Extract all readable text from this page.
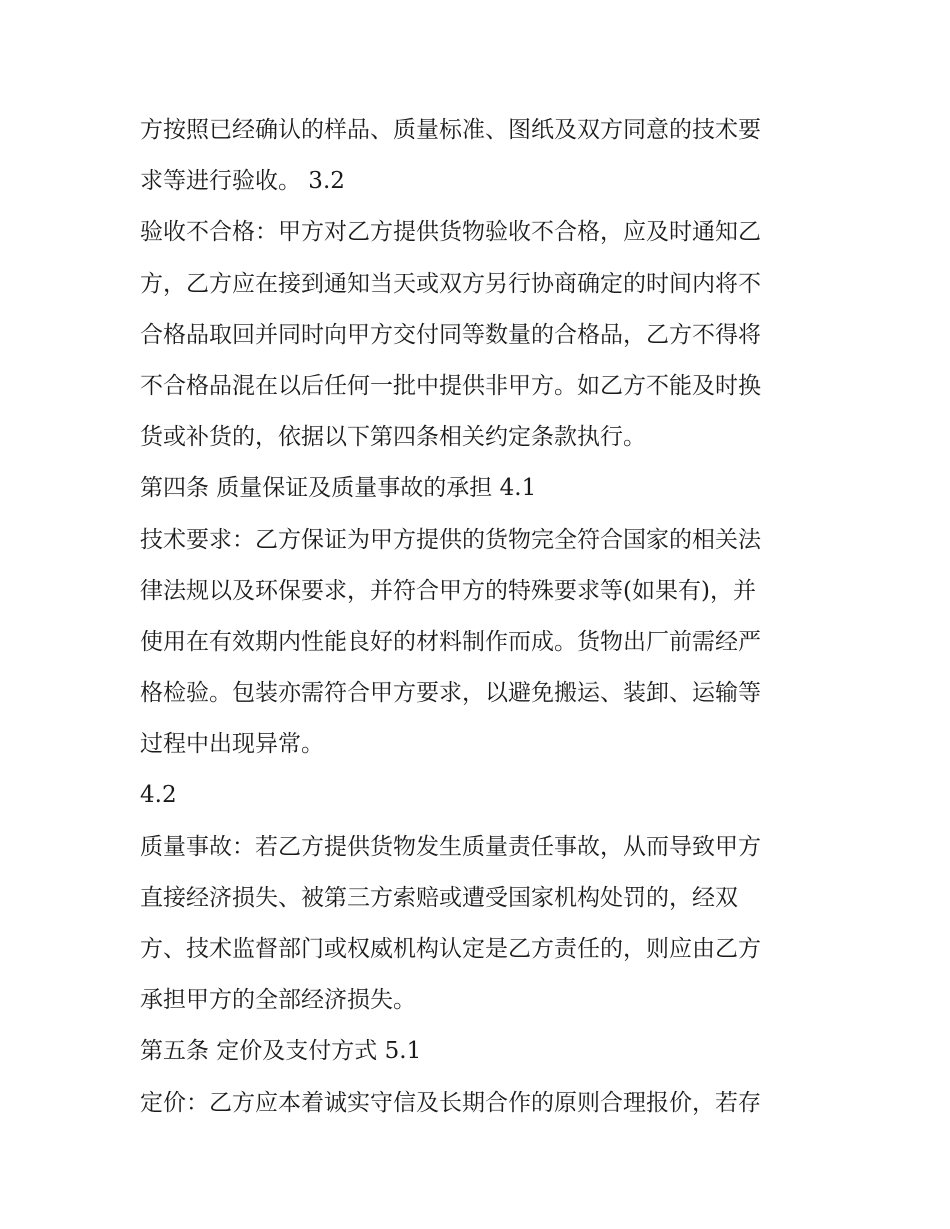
方按照已经确认的样品、质量标准、图纸及双方同意的技术要

求等进行验收。 3.2

验收不合格：甲方对乙方提供货物验收不合格，应及时通知乙

方，乙方应在接到通知当天或双方另行协商确定的时间内将不

合格品取回并同时向甲方交付同等数量的合格品，乙方不得将

不合格品混在以后任何一批中提供非甲方。如乙方不能及时换

货或补货的，依据以下第四条相关约定条款执行。

第四条 质量保证及质量事故的承担 4.1

技术要求：乙方保证为甲方提供的货物完全符合国家的相关法

律法规以及环保要求，并符合甲方的特殊要求等(如果有)，并

使用在有效期内性能良好的材料制作而成。货物出厂前需经严

格检验。包装亦需符合甲方要求，以避免搬运、装卸、运输等

过程中出现异常。

4.2

质量事故：若乙方提供货物发生质量责任事故，从而导致甲方

直接经济损失、被第三方索赔或遭受国家机构处罚的，经双

方、技术监督部门或权威机构认定是乙方责任的，则应由乙方

承担甲方的全部经济损失。

第五条 定价及支付方式 5.1

定价：乙方应本着诚实守信及长期合作的原则合理报价，若存
